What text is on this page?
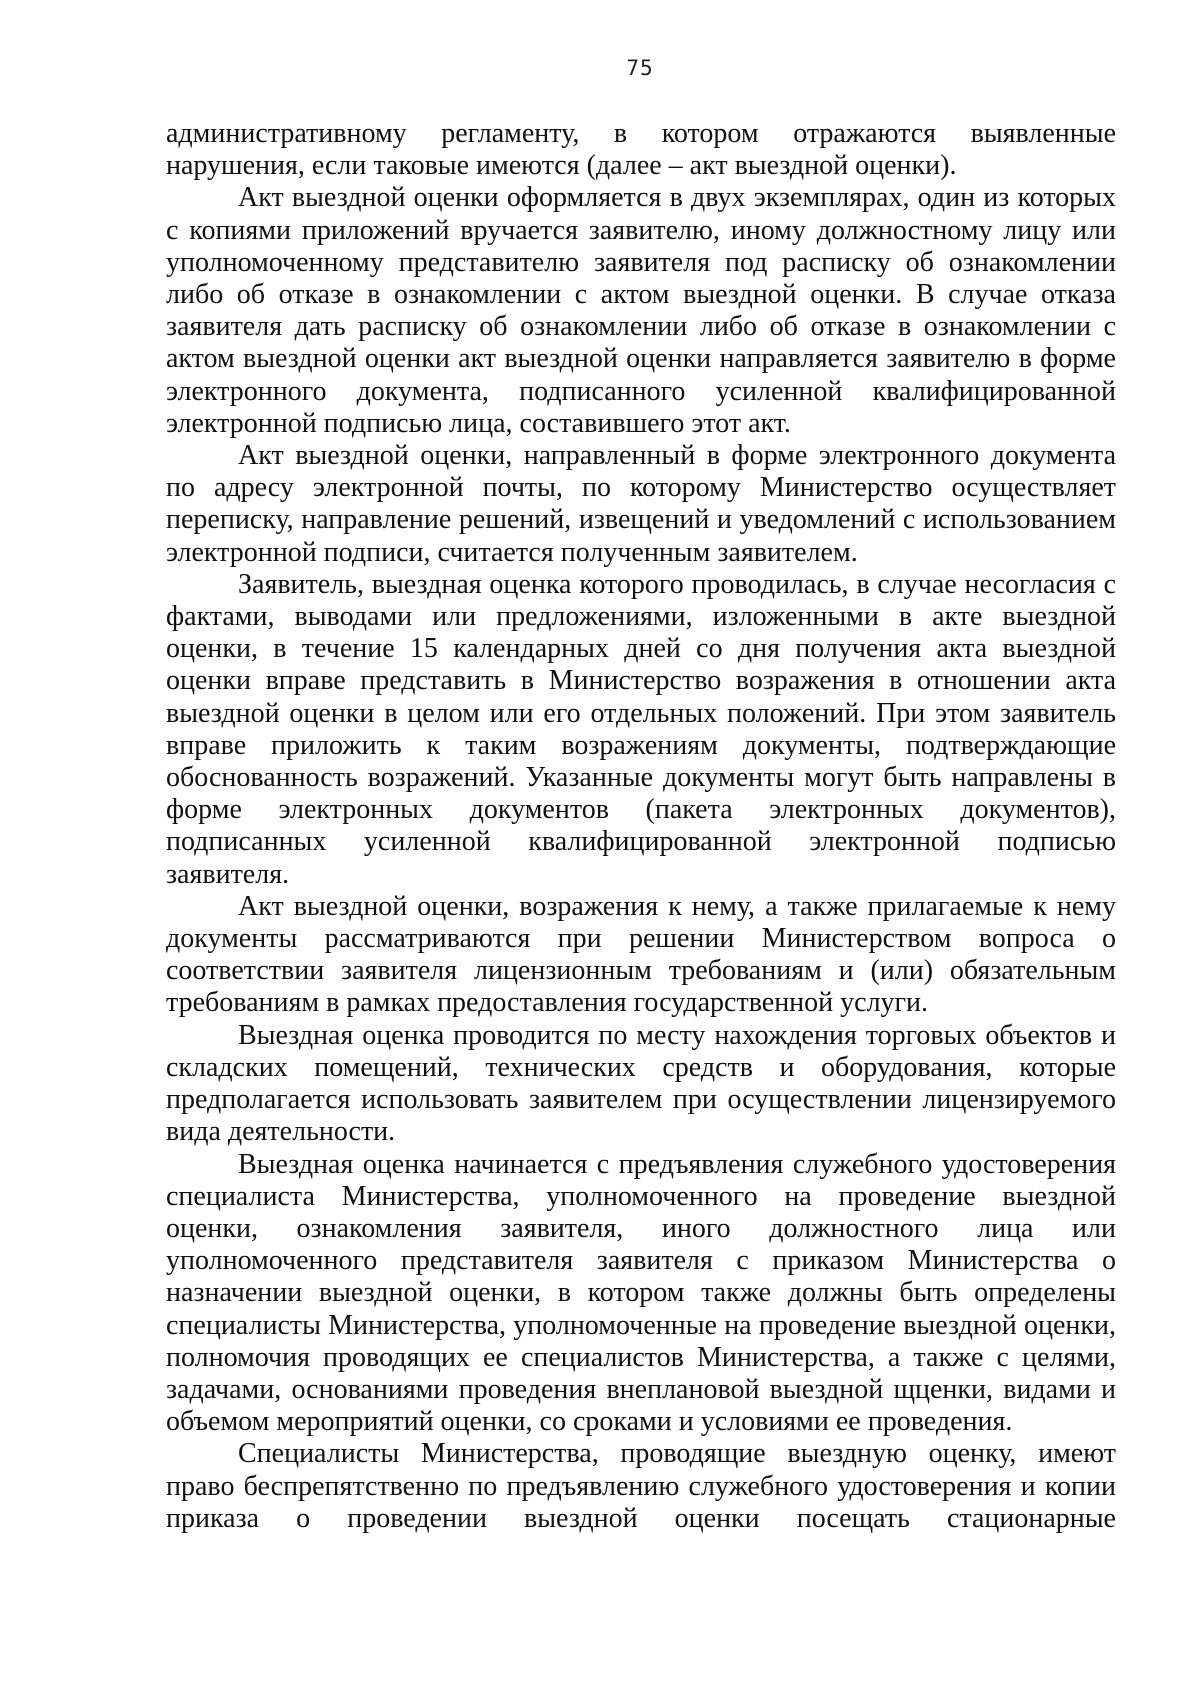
75

административному регламенту, в котором отражаются выявленные нарушения, если таковые имеются (далее – акт выездной оценки).

Акт выездной оценки оформляется в двух экземплярах, один из которых с копиями приложений вручается заявителю, иному должностному лицу или уполномоченному представителю заявителя под расписку об ознакомлении либо об отказе в ознакомлении с актом выездной оценки. В случае отказа заявителя дать расписку об ознакомлении либо об отказе в ознакомлении с актом выездной оценки акт выездной оценки направляется заявителю в форме электронного документа, подписанного усиленной квалифицированной электронной подписью лица, составившего этот акт.

Акт выездной оценки, направленный в форме электронного документа по адресу электронной почты, по которому Министерство осуществляет переписку, направление решений, извещений и уведомлений с использованием электронной подписи, считается полученным заявителем.

Заявитель, выездная оценка которого проводилась, в случае несогласия с фактами, выводами или предложениями, изложенными в акте выездной оценки, в течение 15 календарных дней со дня получения акта выездной оценки вправе представить в Министерство возражения в отношении акта выездной оценки в целом или его отдельных положений. При этом заявитель вправе приложить к таким возражениям документы, подтверждающие обоснованность возражений. Указанные документы могут быть направлены в форме электронных документов (пакета электронных документов), подписанных усиленной квалифицированной электронной подписью заявителя.

Акт выездной оценки, возражения к нему, а также прилагаемые к нему документы рассматриваются при решении Министерством вопроса о соответствии заявителя лицензионным требованиям и (или) обязательным требованиям в рамках предоставления государственной услуги.

Выездная оценка проводится по месту нахождения торговых объектов и складских помещений, технических средств и оборудования, которые предполагается использовать заявителем при осуществлении лицензируемого вида деятельности.

Выездная оценка начинается с предъявления служебного удостоверения специалиста Министерства, уполномоченного на проведение выездной оценки, ознакомления заявителя, иного должностного лица или уполномоченного представителя заявителя с приказом Министерства о назначении выездной оценки, в котором также должны быть определены специалисты Министерства, уполномоченные на проведение выездной оценки, полномочия проводящих ее специалистов Министерства, а также с целями, задачами, основаниями проведения внеплановой выездной щценки, видами и объемом мероприятий оценки, со сроками и условиями ее проведения.

Специалисты Министерства, проводящие выездную оценку, имеют право беспрепятственно по предъявлению служебного удостоверения и копии приказа о проведении выездной оценки посещать стационарные
